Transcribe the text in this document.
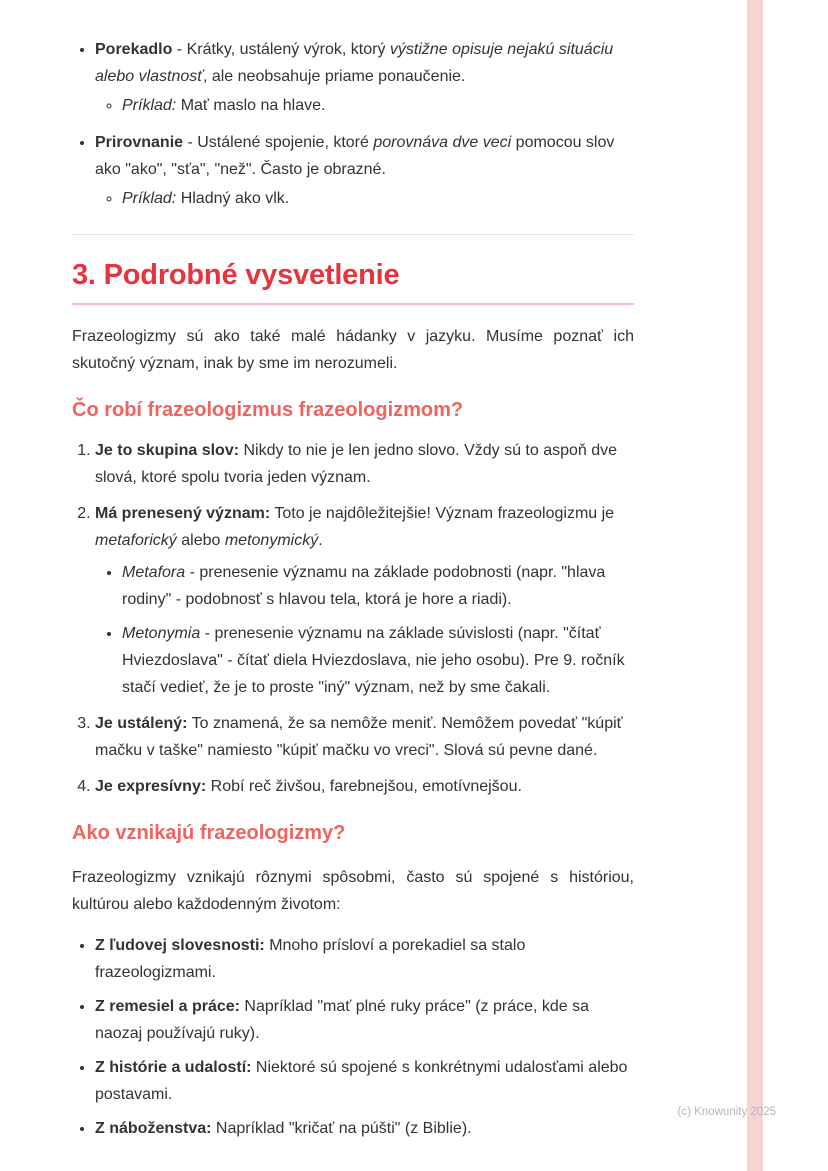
• Porekadlo - Krátky, ustálený výrok, ktorý výstižne opisuje nejakú situáciu alebo vlastnosť, ale neobsahuje priame ponaučenie.
◦ Príklad: Mať maslo na hlave.
• Prirovnanie - Ustálené spojenie, ktoré porovnáva dve veci pomocou slov ako "ako", "sťa", "než". Často je obrazné.
◦ Príklad: Hladný ako vlk.
3. Podrobné vysvetlenie

Frazeologizmy sú ako také malé hádanky v jazyku. Musíme poznať ich skutočný význam, inak by sme im nerozumeli.

Čo robí frazeologizmus frazeologizmom?
1. Je to skupina slov: Nikdy to nie je len jedno slovo. Vždy sú to aspoň dve slová, ktoré spolu tvoria jeden význam.
2. Má prenesený význam: Toto je najdôležitejšie! Význam frazeologizmu je metaforický alebo metonymický.
• Metafora - prenesenie významu na základe podobnosti (napr. "hlava rodiny" - podobnosť s hlavou tela, ktorá je hore a riadi).
• Metonymia - prenesenie významu na základe súvislosti (napr. "čítať Hviezdoslava" - čítať diela Hviezdoslava, nie jeho osobu). Pre 9. ročník stačí vedieť, že je to proste "iný" význam, než by sme čakali.
3. Je ustálený: To znamená, že sa nemôže meniť. Nemôžem povedať "kúpiť mačku v taške" namiesto "kúpiť mačku vo vreci". Slová sú pevne dané.
4. Je expresívny: Robí reč živšou, farebnejšou, emotívnejšou.
Ako vznikajú frazeologizmy?

Frazeologizmy vznikajú rôznymi spôsobmi, často sú spojené s históriou, kultúrou alebo každodenným životom:

• Z ľudovej slovesnosti: Mnoho prísloví a porekadiel sa stalo frazeologizmami.
• Z remesiel a práce: Napríklad "mať plné ruky práce" (z práce, kde sa naozaj používajú ruky).
• Z histórie a udalostí: Niektoré sú spojené s konkrétnymi udalosťami alebo postavami.
• Z náboženstva: Napríklad "kričať na púšti" (z Biblie).
(c) Knowunity 2025
